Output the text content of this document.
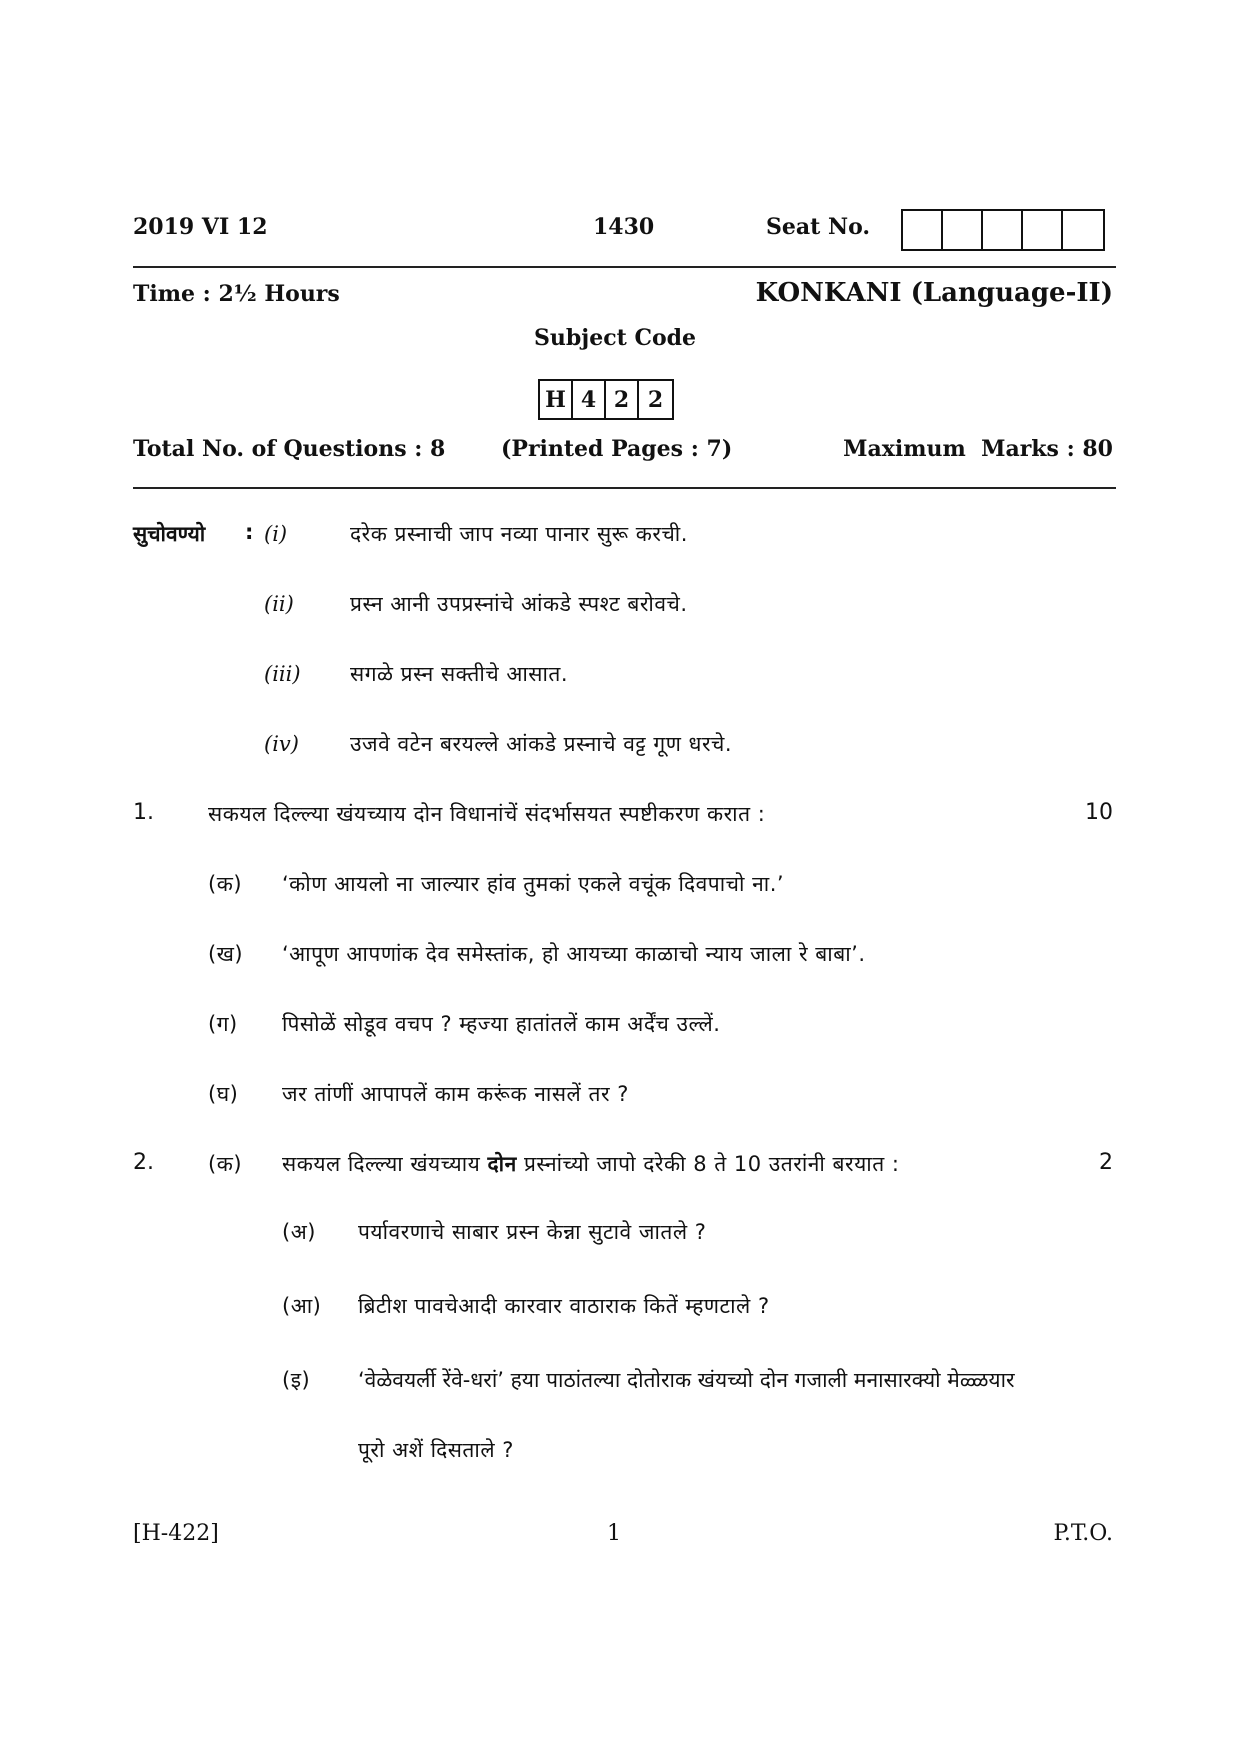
2019 VI 12	1430	Seat No.
Time : 2½ Hours	KONKANI (Language-II)
Subject Code
H 4 2 2
Total No. of Questions : 8	(Printed Pages : 7)	Maximum  Marks : 80
सुचोवण्यो : (i)	दरेक प्रस्नाची जाप नव्या पानार सुरू करची.
(ii)	प्रस्न आनी उपप्रस्नांचे आंकडे स्पश्ट बरोवचे.
(iii) सगळे प्रस्न सक्तीचे आसात.
(iv) उजवे वटेन बरयल्ले आंकडे प्रस्नाचे वट्ट गूण धरचे.
1.	सकयल दिल्ल्या खंयच्याय दोन विधानांचें संदर्भासयत स्पष्टीकरण करात :	10
(क) ‘कोण आयलो ना जाल्यार हांव तुमकां एकले वचूंक दिवपाचो ना.’
(ख) ‘आपूण आपणांक देव समेस्तांक, हो आयच्या काळाचो न्याय जाला रे बाबा’.
(ग) पिसोळें सोडूव वचप ? म्हज्या हातांतलें काम अर्देंच उल्लें.
(घ) जर तांणीं आपापलें काम करूंक नासलें तर ?
2.	(क) सकयल दिल्ल्या खंयच्याय दोन प्रस्नांच्यो जापो दरेकी 8 ते 10 उतरांनी बरयात :	2
(अ) पर्यावरणाचे साबार प्रस्न केन्ना सुटावे जातले ?
(आ) ब्रिटीश पावचेआदी कारवार वाठाराक कितें म्हणटाले ?
(इ) ‘वेळेवयर्ली रेंवे-धरां’ हया पाठांतल्या दोतोराक खंयच्यो दोन गजाली मनासारक्यो मेळ्ळयार
पूरो अशें दिसताले ?
[H-422]	1	P.T.O.
